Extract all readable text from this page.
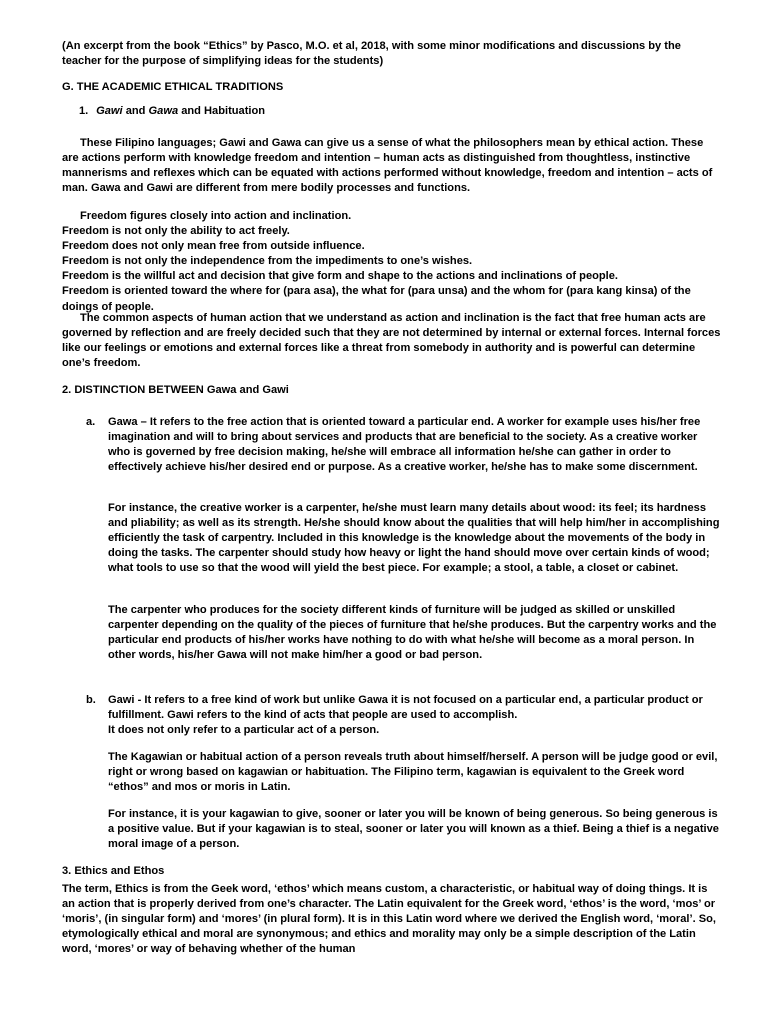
(An excerpt from the book “Ethics” by Pasco, M.O. et al, 2018, with some minor modifications and discussions by the teacher for the purpose of simplifying ideas for the students)

G. THE ACADEMIC ETHICAL TRADITIONS

1. Gawi and Gawa and Habituation

These Filipino languages; Gawi and Gawa can give us a sense of what the philosophers mean by ethical action. These are actions perform with knowledge freedom and intention – human acts as distinguished from thoughtless, instinctive mannerisms and reflexes which can be equated with actions performed without knowledge, freedom and intention – acts of man. Gawa and Gawi are different from mere bodily processes and functions.

Freedom figures closely into action and inclination.
Freedom is not only the ability to act freely.
Freedom does not only mean free from outside influence.
Freedom is not only the independence from the impediments to one’s wishes.
Freedom is the willful act and decision that give form and shape to the actions and inclinations of people.
Freedom is oriented toward the where for (para asa), the what for (para unsa) and the whom for (para kang kinsa) of the doings of people.

The common aspects of human action that we understand as action and inclination is the fact that free human acts are governed by reflection and are freely decided such that they are not determined by internal or external forces. Internal forces like our feelings or emotions and external forces like a threat from somebody in authority and is powerful can determine one’s freedom.

2. DISTINCTION BETWEEN Gawa and Gawi

a. Gawa – It refers to the free action that is oriented toward a particular end. A worker for example uses his/her free imagination and will to bring about services and products that are beneficial to the society. As a creative worker who is governed by free decision making, he/she will embrace all information he/she can gather in order to effectively achieve his/her desired end or purpose. As a creative worker, he/she has to make some discernment.

For instance, the creative worker is a carpenter, he/she must learn many details about wood: its feel; its hardness and pliability; as well as its strength. He/she should know about the qualities that will help him/her in accomplishing efficiently the task of carpentry. Included in this knowledge is the knowledge about the movements of the body in doing the tasks. The carpenter should study how heavy or light the hand should move over certain kinds of wood; what tools to use so that the wood will yield the best piece. For example; a stool, a table, a closet or cabinet.

The carpenter who produces for the society different kinds of furniture will be judged as skilled or unskilled carpenter depending on the quality of the pieces of furniture that he/she produces. But the carpentry works and the particular end products of his/her works have nothing to do with what he/she will become as a moral person. In other words, his/her Gawa will not make him/her a good or bad person.

b. Gawi - It refers to a free kind of work but unlike Gawa it is not focused on a particular end, a particular product or fulfillment. Gawi refers to the kind of acts that people are used to accomplish.
It does not only refer to a particular act of a person.

The Kagawian or habitual action of a person reveals truth about himself/herself. A person will be judge good or evil, right or wrong based on kagawian or habituation. The Filipino term, kagawian is equivalent to the Greek word “ethos” and mos or moris in Latin.

For instance, it is your kagawian to give, sooner or later you will be known of being generous. So being generous is a positive value. But if your kagawian is to steal, sooner or later you will known as a thief. Being a thief is a negative moral image of a person.

3. Ethics and Ethos

The term, Ethics is from the Geek word, ‘ethos’ which means custom, a characteristic, or habitual way of doing things. It is an action that is properly derived from one’s character. The Latin equivalent for the Greek word, ‘ethos’ is the word, ‘mos’ or ‘moris’, (in singular form) and ‘mores’ (in plural form). It is in this Latin word where we derived the English word, ‘moral’. So, etymologically ethical and moral are synonymous; and ethics and morality may only be a simple description of the Latin word, ‘mores’ or way of behaving whether of the human
